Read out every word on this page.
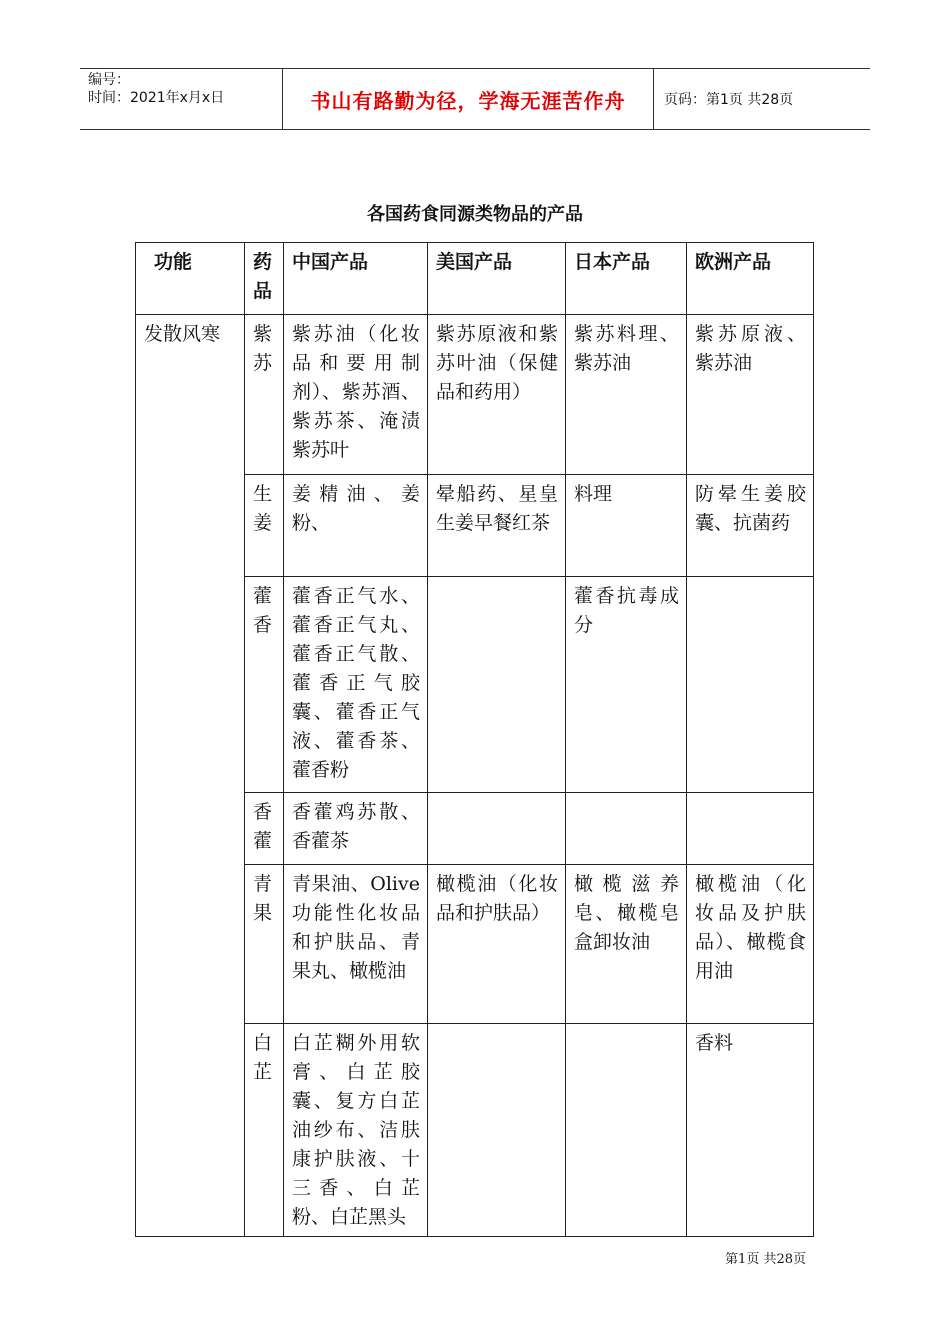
编号：
时间：2021年x月x日	书山有路勤为径，学海无涯苦作舟	页码：第1页 共28页
各国药食同源类物品的产品
功能	药品	中国产品	美国产品	日本产品	欧洲产品
发散风寒	紫苏	紫苏油（化妆品和要用制剂）、紫苏酒、紫苏茶、淹渍紫苏叶	紫苏原液和紫苏叶油（保健品和药用）	紫苏料理、紫苏油	紫苏原液、紫苏油
	生姜	姜精油、姜粉、	晕船药、星皇生姜早餐红茶	料理	防晕生姜胶囊、抗菌药
	藿香	藿香正气水、藿香正气丸、藿香正气散、藿香正气胶囊、藿香正气液、藿香茶、藿香粉		藿香抗毒成分	
	香藿	香藿鸡苏散、香藿茶			
	青果	青果油、Olive功能性化妆品和护肤品、青果丸、橄榄油	橄榄油（化妆品和护肤品）	橄榄滋养皂、橄榄皂盒卸妆油	橄榄油（化妆品及护肤品）、橄榄食用油
	白芷	白芷糊外用软膏、白芷胶囊、复方白芷油纱布、洁肤康护肤液、十三香、白芷粉、白芷黑头			香料
第1页 共28页
